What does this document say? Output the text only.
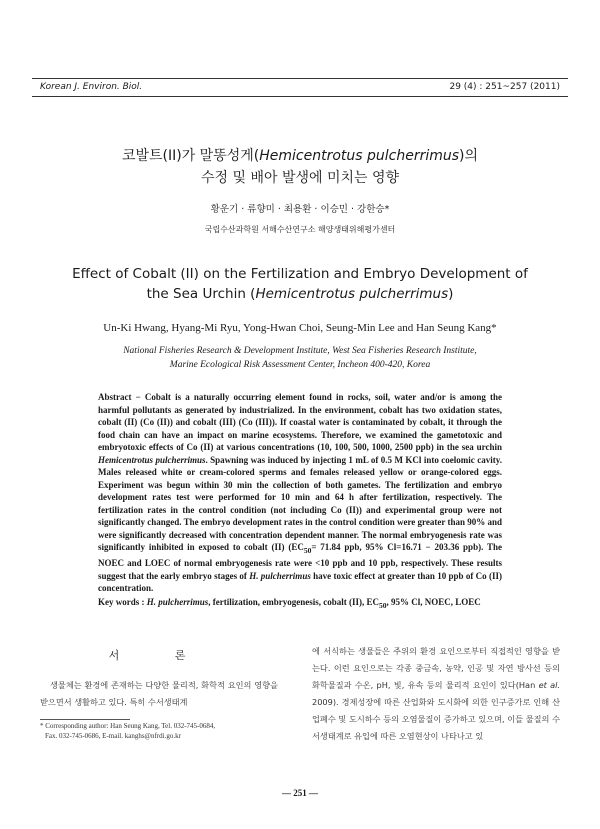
Korean J. Environ. Biol.	29 (4) : 251~257 (2011)
코발트(II)가 말똥성게(Hemicentrotus pulcherrimus)의
수정 및 배아 발생에 미치는 영향
황운기 · 류향미 · 최용환 · 이승민 · 강한승*
국립수산과학원 서해수산연구소 해양생태위해평가센터
Effect of Cobalt (II) on the Fertilization and Embryo Development of
the Sea Urchin (Hemicentrotus pulcherrimus)
Un-Ki Hwang, Hyang-Mi Ryu, Yong-Hwan Choi, Seung-Min Lee and Han Seung Kang*
National Fisheries Research & Development Institute, West Sea Fisheries Research Institute,
Marine Ecological Risk Assessment Center, Incheon 400-420, Korea
Abstract − Cobalt is a naturally occurring element found in rocks, soil, water and/or is among the harmful pollutants as generated by industrialized. In the environment, cobalt has two oxidation states, cobalt (II) (Co (II)) and cobalt (III) (Co (III)). If coastal water is contaminated by cobalt, it through the food chain can have an impact on marine ecosystems. Therefore, we examined the gametotoxic and embryotoxic effects of Co (II) at various concentrations (10, 100, 500, 1000, 2500 ppb) in the sea urchin Hemicentrotus pulcherrimus. Spawning was induced by injecting 1 mL of 0.5 M KCl into coelomic cavity. Males released white or cream-colored sperms and females released yellow or orange-colored eggs. Experiment was begun within 30 min the collection of both gametes. The fertilization and embryo development rates test were performed for 10 min and 64 h after fertilization, respectively. The fertilization rates in the control condition (not including Co (II)) and experimental group were not significantly changed. The embryo development rates in the control condition were greater than 90% and were significantly decreased with concentration dependent manner. The normal embryogenesis rate was significantly inhibited in exposed to cobalt (II) ($EC_{50}= 71.84$ ppb, 95% Cl=16.71 − 203.36 ppb). The NOEC and LOEC of normal embryogenesis rate were <10 ppb and 10 ppb, respectively. These results suggest that the early embryo stages of H. pulcherrimus have toxic effect at greater than 10 ppb of Co (II) concentration.
Key words : H. pulcherrimus, fertilization, embryogenesis, cobalt (II), $EC_{50}$, 95% Cl, NOEC, LOEC
서 론
생물체는 환경에 존재하는 다양한 물리적, 화학적 요인의 영향을 받으면서 생활하고 있다. 특히 수서생태계
* Corresponding author: Han Seung Kang, Tel. 032-745-0684,
Fax. 032-745-0686, E-mail. kanghs@nfrdi.go.kr
에 서식하는 생물들은 주위의 환경 요인으로부터 직접적인 영향을 받는다. 이런 요인으로는 각종 중금속, 농약, 인공 및 자연 방사선 등의 화학물질과 수온, pH, 빛, 유속 등의 물리적 요인이 있다(Han et al. 2009). 경제성장에 따른 산업화와 도시화에 의한 인구증가로 인해 산업폐수 및 도시하수 등의 오염물질이 증가하고 있으며, 이들 물질의 수서생태계로 유입에 따른 오염현상이 나타나고 있
— 251 —
